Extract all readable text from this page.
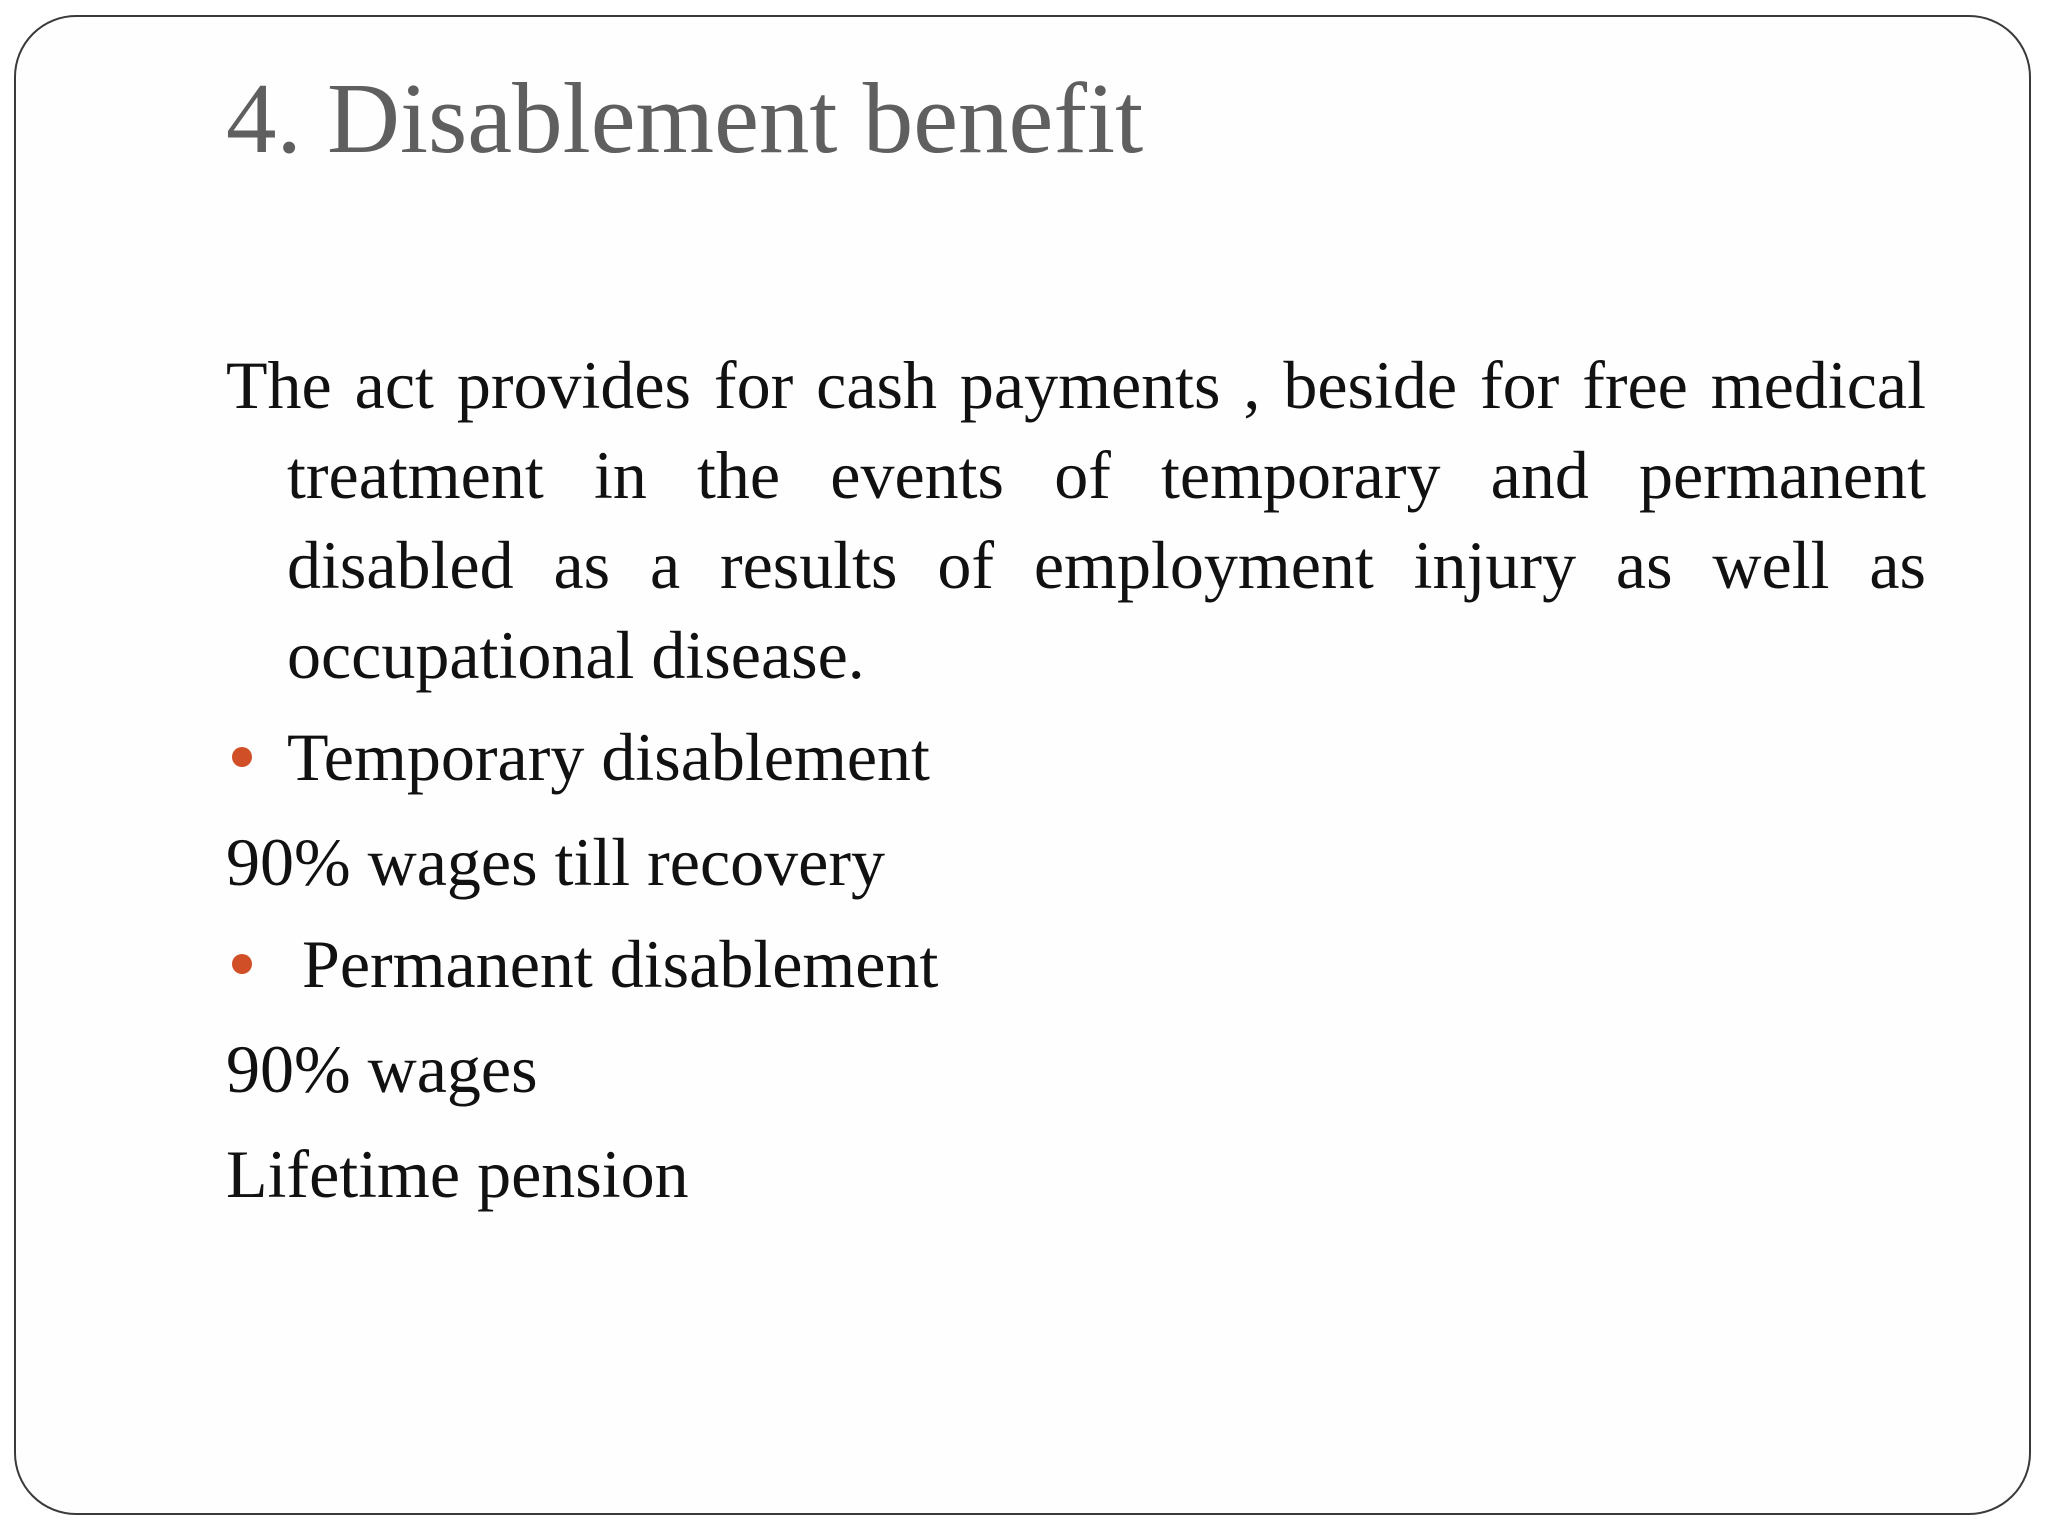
4. Disablement benefit

The act provides for cash payments , beside for free medical treatment in the events of temporary and permanent disabled as a results of employment injury as well as occupational disease.

Temporary disablement
90% wages till recovery
Permanent disablement
90% wages
Lifetime pension
